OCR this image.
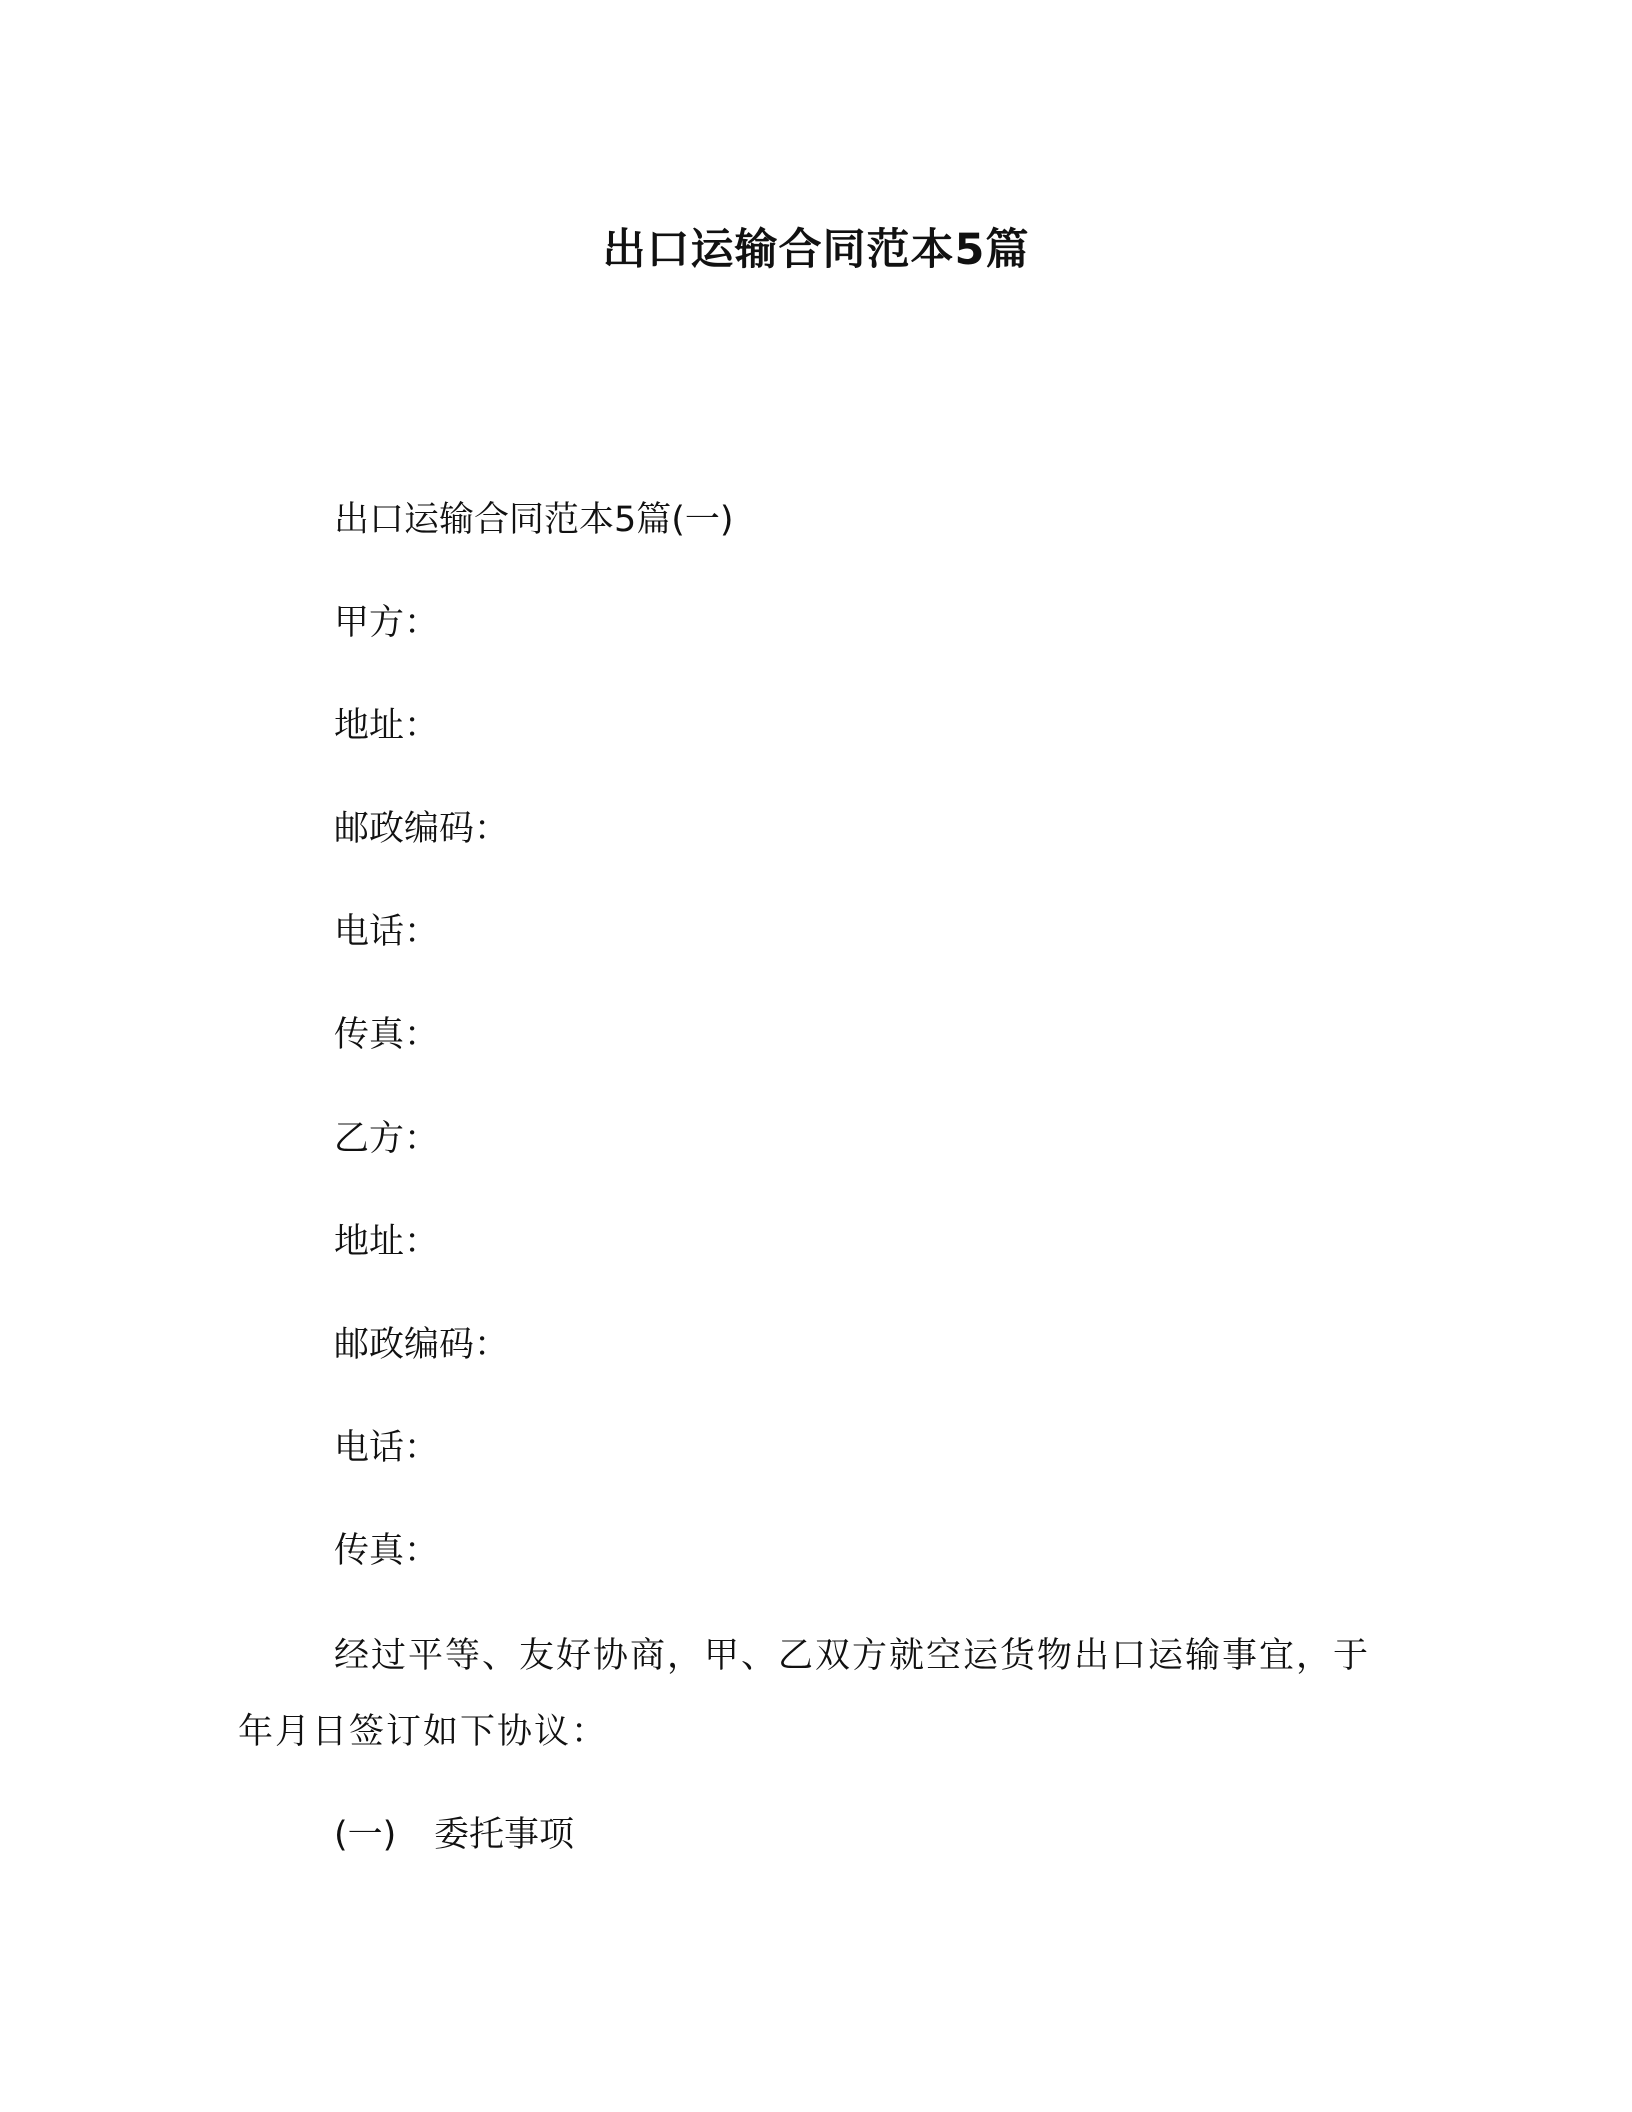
出口运输合同范本5篇
出口运输合同范本5篇(一)
甲方：
地址：
邮政编码：
电话：
传真：
乙方：
地址：
邮政编码：
电话：
传真：
经过平等、友好协商，甲、乙双方就空运货物出口运输事宜，于年月日签订如下协议：
(一) 委托事项
